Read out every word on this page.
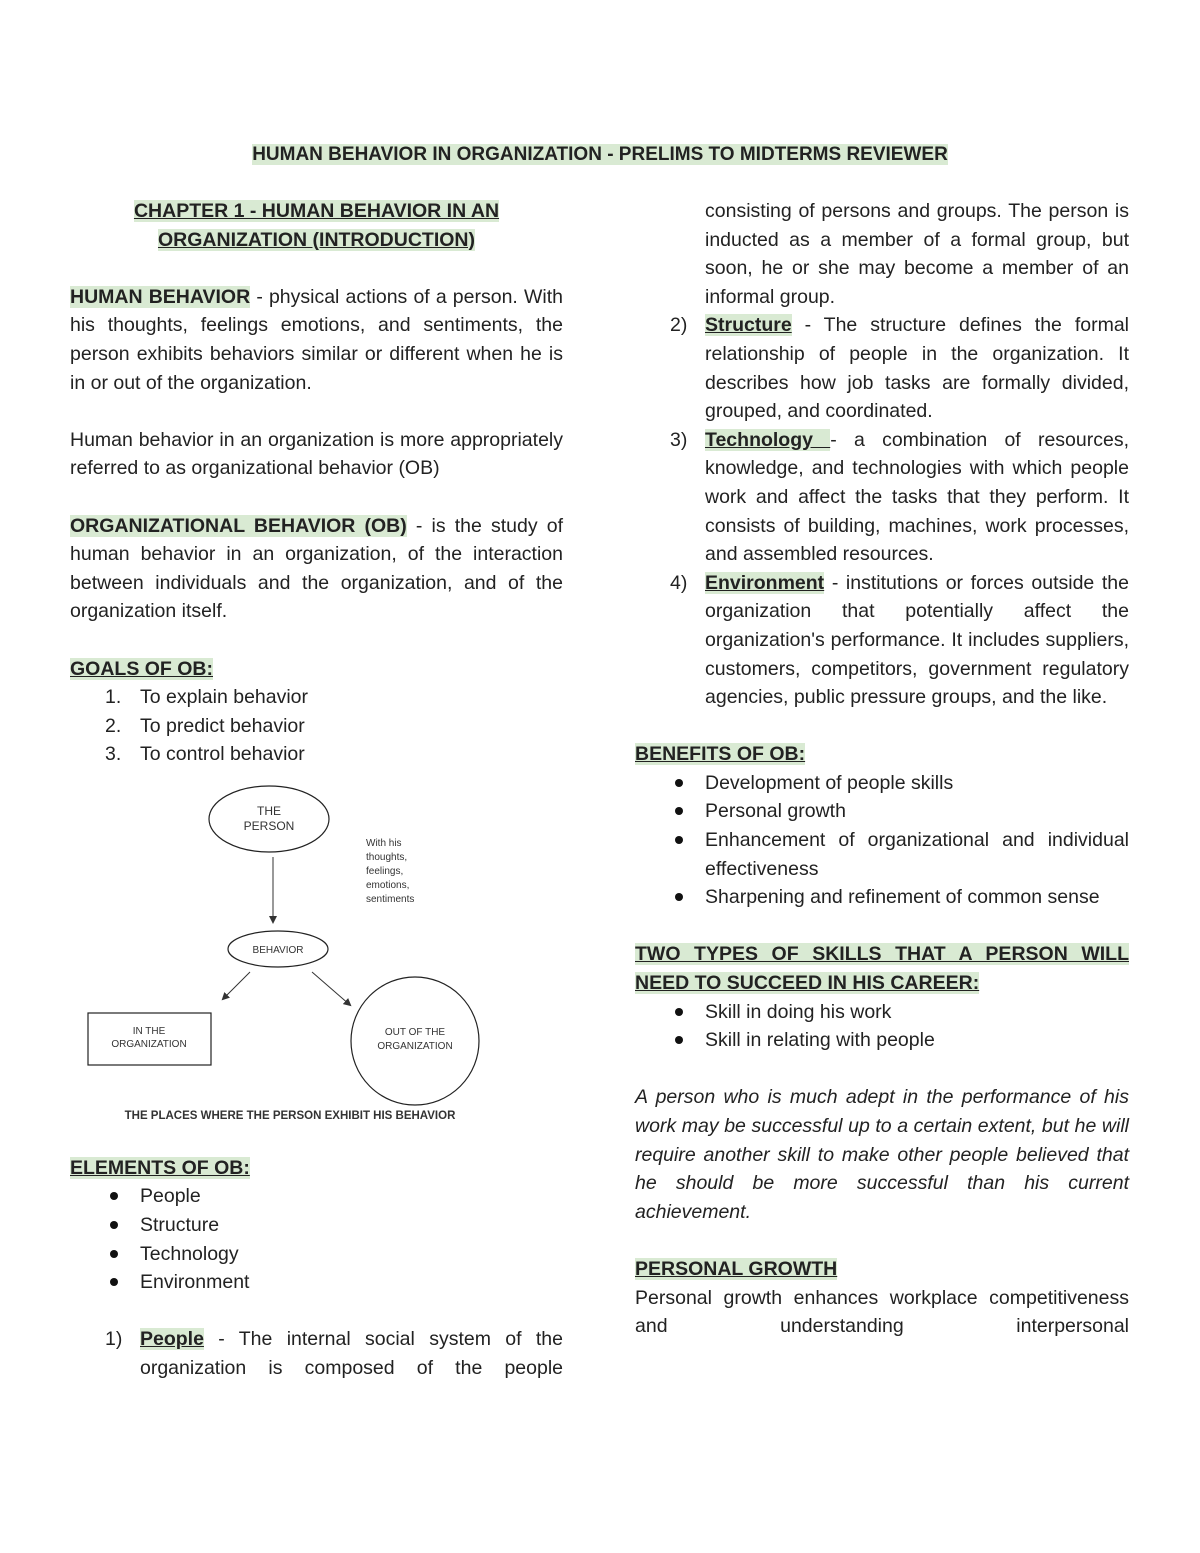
HUMAN BEHAVIOR IN ORGANIZATION - PRELIMS TO MIDTERMS REVIEWER
CHAPTER 1 - HUMAN BEHAVIOR IN AN
ORGANIZATION (INTRODUCTION)

HUMAN BEHAVIOR - physical actions of a person. With his thoughts, feelings emotions, and sentiments, the person exhibits behaviors similar or different when he is in or out of the organization.

Human behavior in an organization is more appropriately referred to as organizational behavior (OB)

ORGANIZATIONAL BEHAVIOR (OB) - is the study of human behavior in an organization, of the interaction between individuals and the organization, and of the organization itself.

GOALS OF OB:

1. To explain behavior
2. To predict behavior
3. To control behavior
THE
PERSON
With his
thoughts,
feelings,
emotions,
sentiments
BEHAVIOR
IN THE
ORGANIZATION
OUT OF THE
ORGANIZATION
THE PLACES WHERE THE PERSON EXHIBIT HIS BEHAVIOR

ELEMENTS OF OB:

People
Structure
Technology
Environment
1) People - The internal social system of the organization is composed of the people

consisting of persons and groups. The person is inducted as a member of a formal group, but soon, he or she may become a member of an informal group.

2) Structure - The structure defines the formal relationship of people in the organization. It describes how job tasks are formally divided, grouped, and coordinated.
3) Technology - a combination of resources, knowledge, and technologies with which people work and affect the tasks that they perform. It consists of building, machines, work processes, and assembled resources.
4) Environment - institutions or forces outside the organization that potentially affect the organization's performance. It includes suppliers, customers, competitors, government regulatory agencies, public pressure groups, and the like.

BENEFITS OF OB:

Development of people skills
Personal growth
Enhancement of organizational and individual effectiveness
Sharpening and refinement of common sense

TWO TYPES OF SKILLS THAT A PERSON WILL NEED TO SUCCEED IN HIS CAREER:

Skill in doing his work
Skill in relating with people

A person who is much adept in the performance of his work may be successful up to a certain extent, but he will require another skill to make other people believed that he should be more successful than his current achievement.

PERSONAL GROWTH

Personal growth enhances workplace competitiveness and understanding interpersonal
